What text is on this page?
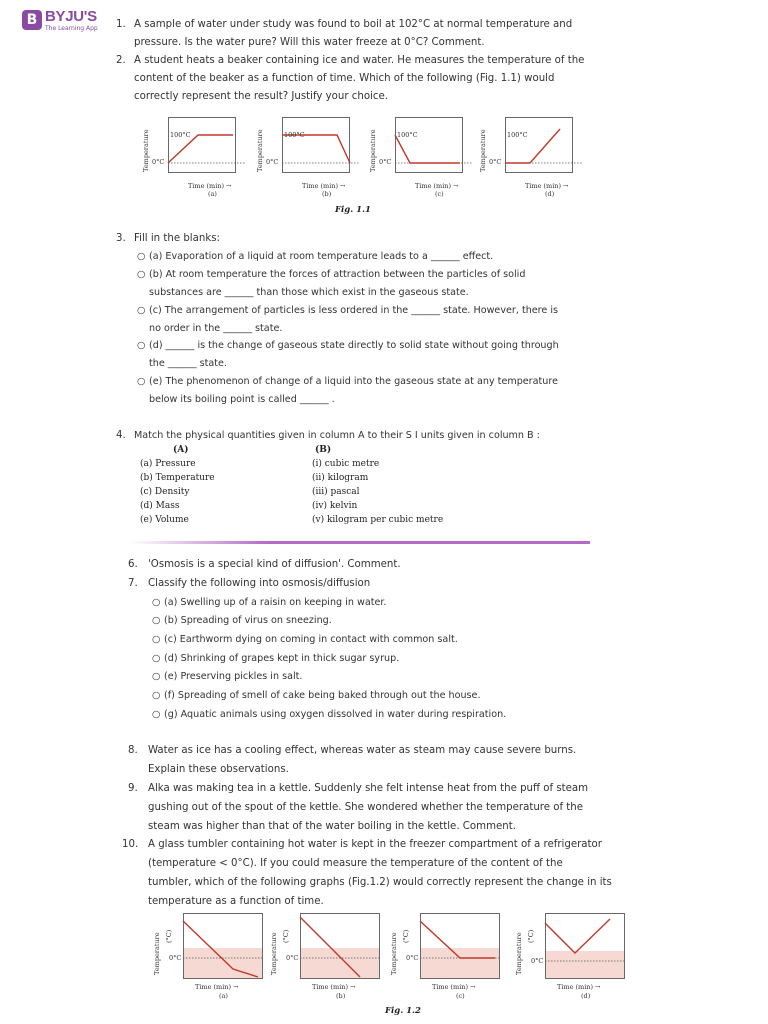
B BYJU'S
The Learning App 1. A sample of water under study was found to boil at 102°C at normal temperature and
pressure. Is the water pure? Will this water freeze at 0°C? Comment.
2. A student heats a beaker containing ice and water. He measures the temperature of the
content of the beaker as a function of time. Which of the following (Fig. 1.1) would
correctly represent the result? Justify your choice.
100°C
0°C
Temperature
Time (min) →
(a)
100°C
0°C
Temperature
Time (min) →
(b)
100°C
0°C
Temperature
Time (min) →
(c)
100°C
0°C
Temperature
Time (min) →
(d)
Fig. 1.1
3. Fill in the blanks:
○ (a) Evaporation of a liquid at room temperature leads to a ______ effect.
○ (b) At room temperature the forces of attraction between the particles of solid
substances are ______ than those which exist in the gaseous state.
○ (c) The arrangement of particles is less ordered in the ______ state. However, there is
no order in the ______ state.
○ (d) ______ is the change of gaseous state directly to solid state without going through
the ______ state.
○ (e) The phenomenon of change of a liquid into the gaseous state at any temperature
below its boiling point is called ______ .
4. Match the physical quantities given in column A to their S I units given in column B :
(A)	(B)
(a) Pressure
(b) Temperature
(c) Density
(d) Mass
(e) Volume
(i) cubic metre
(ii) kilogram
(iii) pascal
(iv) kelvin
(v) kilogram per cubic metre
6. 'Osmosis is a special kind of diffusion'. Comment.
7. Classify the following into osmosis/diffusion
○ (a) Swelling up of a raisin on keeping in water.
○ (b) Spreading of virus on sneezing.
○ (c) Earthworm dying on coming in contact with common salt.
○ (d) Shrinking of grapes kept in thick sugar syrup.
○ (e) Preserving pickles in salt.
○ (f) Spreading of smell of cake being baked through out the house.
○ (g) Aquatic animals using oxygen dissolved in water during respiration.
8. Water as ice has a cooling effect, whereas water as steam may cause severe burns.
Explain these observations.
9. Alka was making tea in a kettle. Suddenly she felt intense heat from the puff of steam
gushing out of the spout of the kettle. She wondered whether the temperature of the
steam was higher than that of the water boiling in the kettle. Comment.
10. A glass tumbler containing hot water is kept in the freezer compartment of a refrigerator
(temperature < 0°C). If you could measure the temperature of the content of the
tumbler, which of the following graphs (Fig.1.2) would correctly represent the change in its
temperature as a function of time.
0°C
Temperature (°C)
Time (min) →
(a)
0°C
Temperature (°C)
Time (min) →
(b)
0°C
Temperature (°C)
Time (min) →
(c)
0°C
Temperature (°C)
Time (min) →
(d)
Fig. 1.2
